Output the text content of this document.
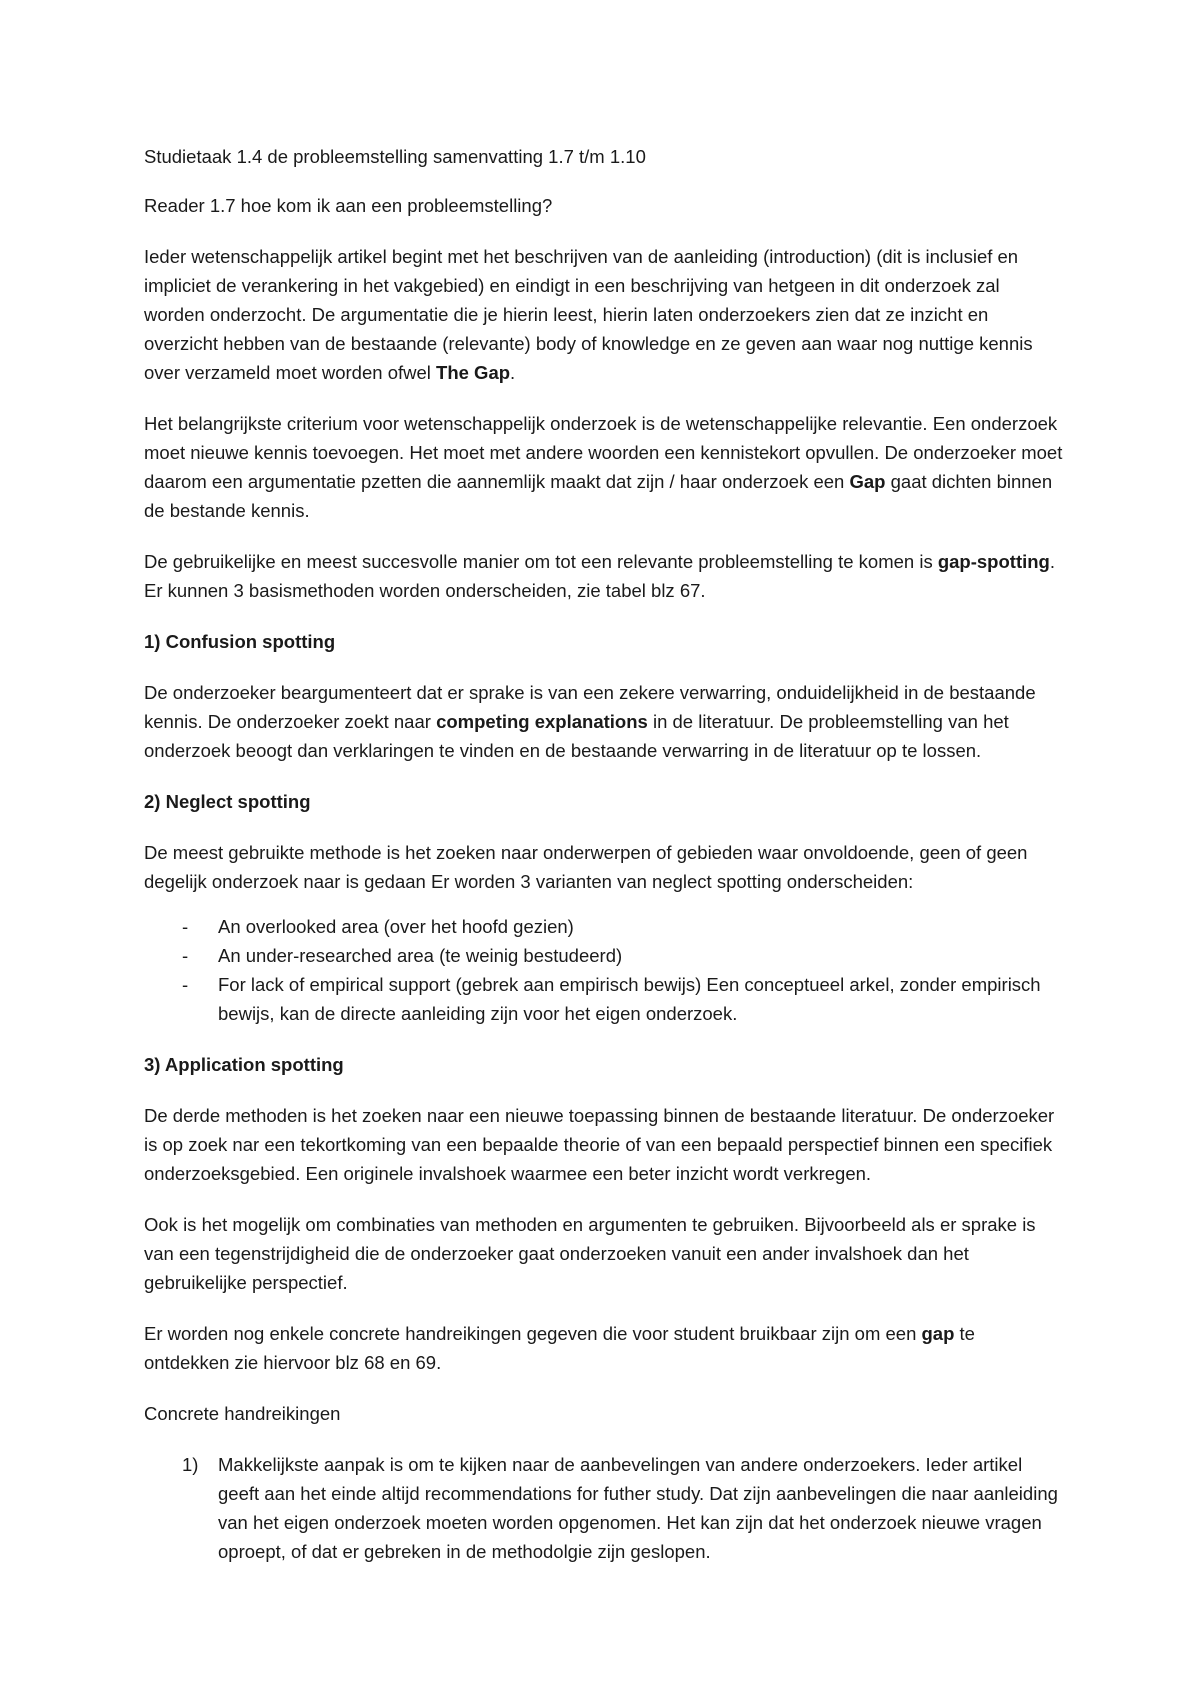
Studietaak 1.4 de probleemstelling samenvatting 1.7 t/m 1.10

Reader 1.7 hoe kom ik aan een probleemstelling?

Ieder wetenschappelijk artikel begint met het beschrijven van de aanleiding (introduction) (dit is inclusief en impliciet de verankering in het vakgebied) en eindigt in een beschrijving van hetgeen in dit onderzoek zal worden onderzocht. De argumentatie die je hierin leest, hierin laten onderzoekers zien dat ze inzicht en overzicht hebben van de bestaande (relevante) body of knowledge en ze geven aan waar nog nuttige kennis over verzameld moet worden ofwel The Gap.

Het belangrijkste criterium voor wetenschappelijk onderzoek is de wetenschappelijke relevantie. Een onderzoek moet nieuwe kennis toevoegen. Het moet met andere woorden een kennistekort opvullen. De onderzoeker moet daarom een argumentatie pzetten die aannemlijk maakt dat zijn / haar onderzoek een Gap gaat dichten binnen de bestande kennis.

De gebruikelijke en meest succesvolle manier om tot een relevante probleemstelling te komen is gap-spotting. Er kunnen 3 basismethoden worden onderscheiden, zie tabel blz 67.

1) Confusion spotting

De onderzoeker beargumenteert dat er sprake is van een zekere verwarring, onduidelijkheid in de bestaande kennis. De onderzoeker zoekt naar competing explanations in de literatuur. De probleemstelling van het onderzoek beoogt dan verklaringen te vinden en de bestaande verwarring in de literatuur op te lossen.

2) Neglect spotting

De meest gebruikte methode is het zoeken naar onderwerpen of gebieden waar onvoldoende, geen of geen degelijk onderzoek naar is gedaan Er worden 3 varianten van neglect spotting onderscheiden:

- An overlooked area (over het hoofd gezien)
- An under-researched area (te weinig bestudeerd)
- For lack of empirical support (gebrek aan empirisch bewijs) Een conceptueel arkel, zonder empirisch bewijs, kan de directe aanleiding zijn voor het eigen onderzoek.

3) Application spotting

De derde methoden is het zoeken naar een nieuwe toepassing binnen de bestaande literatuur. De onderzoeker is op zoek nar een tekortkoming van een bepaalde theorie of van een bepaald perspectief binnen een specifiek onderzoeksgebied. Een originele invalshoek waarmee een beter inzicht wordt verkregen.

Ook is het mogelijk om combinaties van methoden en argumenten te gebruiken. Bijvoorbeeld als er sprake is van een tegenstrijdigheid die de onderzoeker gaat onderzoeken vanuit een ander invalshoek dan het gebruikelijke perspectief.

Er worden nog enkele concrete handreikingen gegeven die voor student bruikbaar zijn om een gap te ontdekken zie hiervoor blz 68 en 69.

Concrete handreikingen

1) Makkelijkste aanpak is om te kijken naar de aanbevelingen van andere onderzoekers. Ieder artikel geeft aan het einde altijd recommendations for futher study. Dat zijn aanbevelingen die naar aanleiding van het eigen onderzoek moeten worden opgenomen. Het kan zijn dat het onderzoek nieuwe vragen oproept, of dat er gebreken in de methodolgie zijn geslopen.
